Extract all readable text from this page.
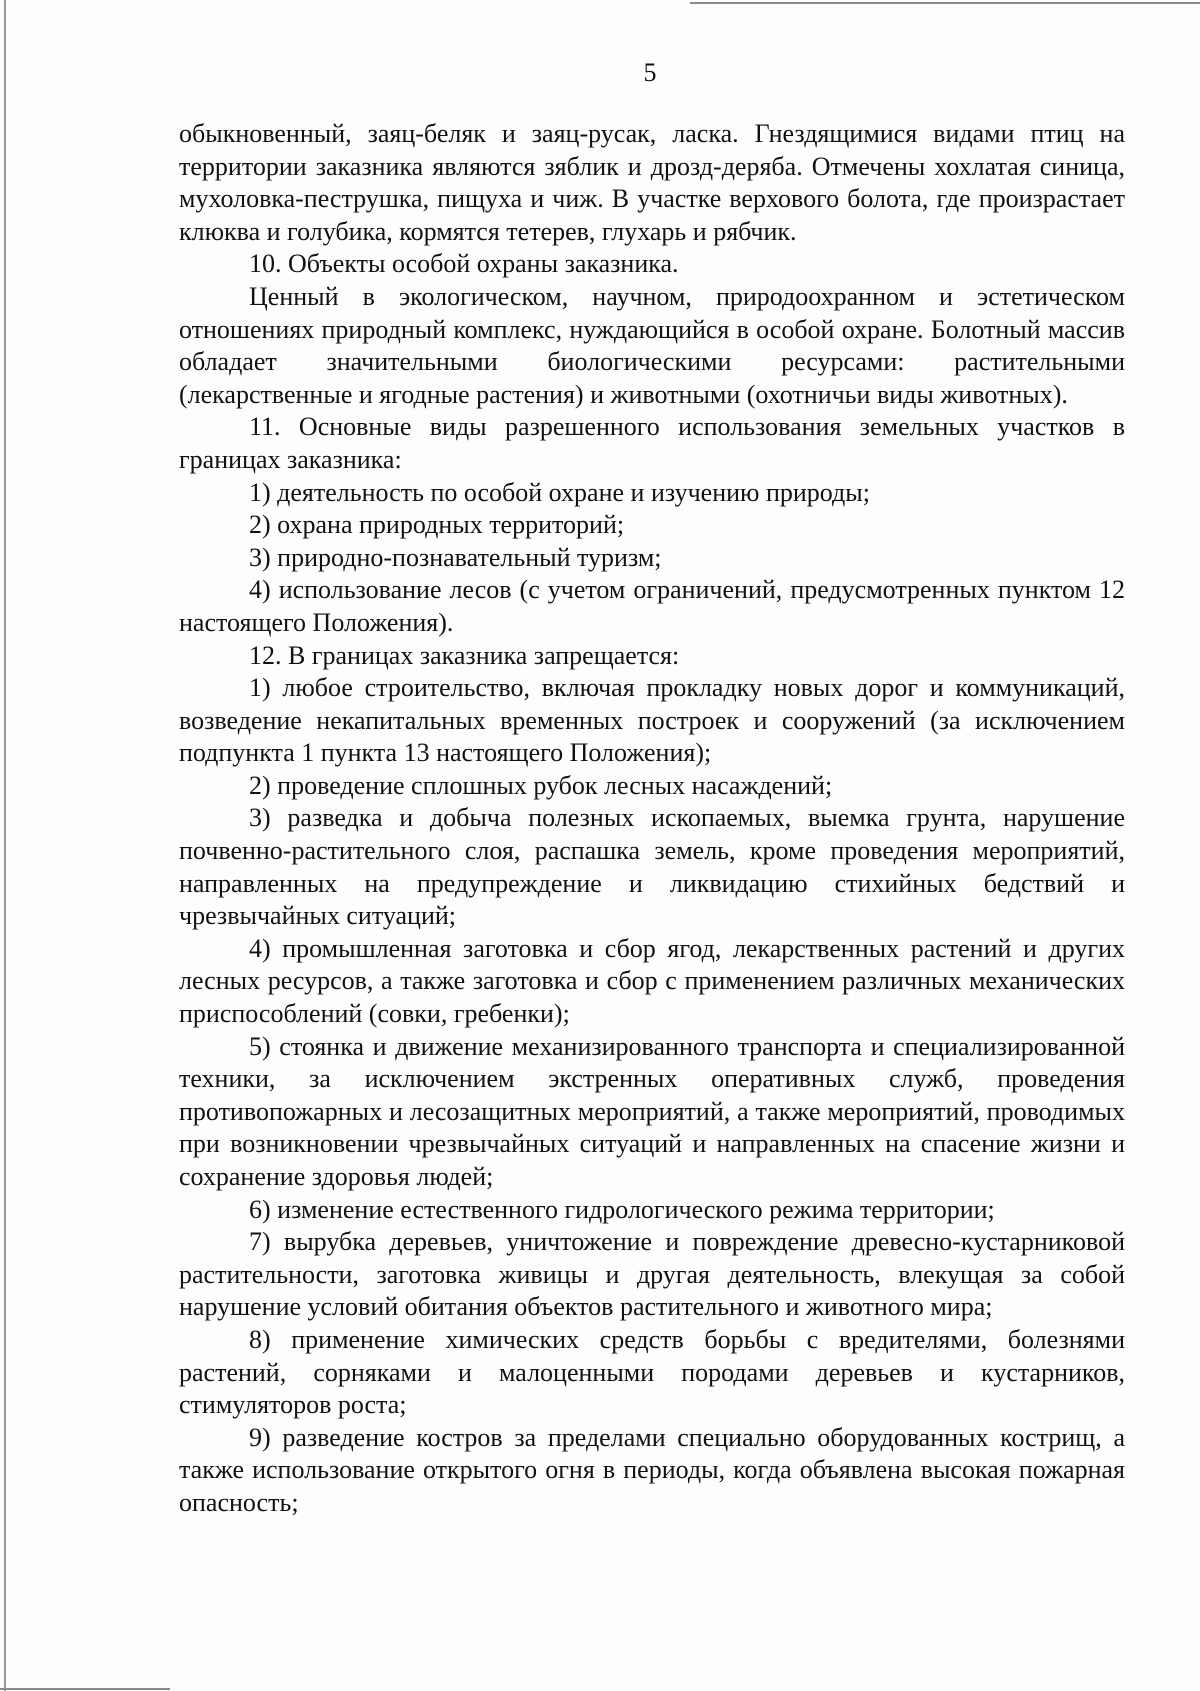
5

обыкновенный, заяц-беляк и заяц-русак, ласка. Гнездящимися видами птиц на территории заказника являются зяблик и дрозд-деряба. Отмечены хохлатая синица, мухоловка-пеструшка, пищуха и чиж. В участке верхового болота, где произрастает клюква и голубика, кормятся тетерев, глухарь и рябчик.

10. Объекты особой охраны заказника.

Ценный в экологическом, научном, природоохранном и эстетическом отношениях природный комплекс, нуждающийся в особой охране. Болотный массив обладает значительными биологическими ресурсами: растительными (лекарственные и ягодные растения) и животными (охотничьи виды животных).

11. Основные виды разрешенного использования земельных участков в границах заказника:

1) деятельность по особой охране и изучению природы;

2) охрана природных территорий;

3) природно-познавательный туризм;

4) использование лесов (с учетом ограничений, предусмотренных пунктом 12 настоящего Положения).

12. В границах заказника запрещается:

1) любое строительство, включая прокладку новых дорог и коммуникаций, возведение некапитальных временных построек и сооружений (за исключением подпункта 1 пункта 13 настоящего Положения);

2) проведение сплошных рубок лесных насаждений;

3) разведка и добыча полезных ископаемых, выемка грунта, нарушение почвенно-растительного слоя, распашка земель, кроме проведения мероприятий, направленных на предупреждение и ликвидацию стихийных бедствий и чрезвычайных ситуаций;

4) промышленная заготовка и сбор ягод, лекарственных растений и других лесных ресурсов, а также заготовка и сбор с применением различных механических приспособлений (совки, гребенки);

5) стоянка и движение механизированного транспорта и специализированной техники, за исключением экстренных оперативных служб, проведения противопожарных и лесозащитных мероприятий, а также мероприятий, проводимых при возникновении чрезвычайных ситуаций и направленных на спасение жизни и сохранение здоровья людей;

6) изменение естественного гидрологического режима территории;

7) вырубка деревьев, уничтожение и повреждение древесно-кустарниковой растительности, заготовка живицы и другая деятельность, влекущая за собой нарушение условий обитания объектов растительного и животного мира;

8) применение химических средств борьбы с вредителями, болезнями растений, сорняками и малоценными породами деревьев и кустарников, стимуляторов роста;

9) разведение костров за пределами специально оборудованных кострищ, а также использование открытого огня в периоды, когда объявлена высокая пожарная опасность;
